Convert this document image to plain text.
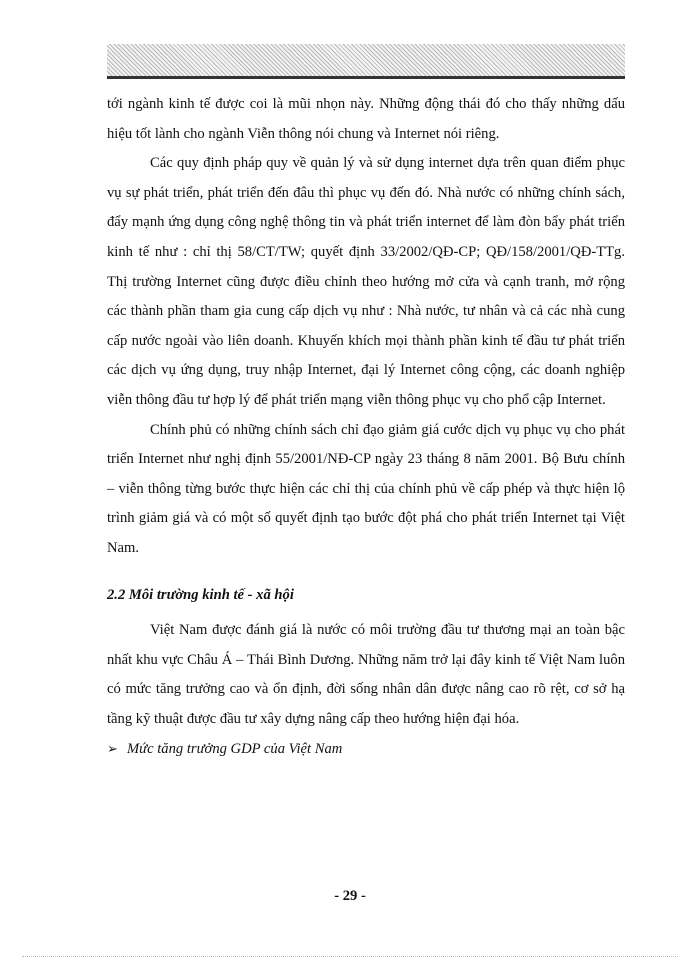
tới ngành kinh tế được coi là mũi nhọn này. Những động thái đó cho thấy những dấu hiệu tốt lành cho ngành Viễn thông nói chung và Internet nói riêng.

Các quy định pháp quy về quản lý và sử dụng internet dựa trên quan điểm phục vụ sự phát triển, phát triển đến đâu thì phục vụ đến đó. Nhà nước có những chính sách, đẩy mạnh ứng dụng công nghệ thông tin và phát triển internet để làm đòn bẩy phát triển kinh tế như : chỉ thị 58/CT/TW; quyết định 33/2002/QĐ-CP; QĐ/158/2001/QĐ-TTg. Thị trường Internet cũng được điều chỉnh theo hướng mở cửa và cạnh tranh, mở rộng các thành phần tham gia cung cấp dịch vụ như : Nhà nước, tư nhân và cả các nhà cung cấp nước ngoài vào liên doanh. Khuyến khích mọi thành phần kinh tế đầu tư phát triển các dịch vụ ứng dụng, truy nhập Internet, đại lý Internet công cộng, các doanh nghiệp viễn thông đầu tư hợp lý để phát triển mạng viễn thông phục vụ cho phổ cập Internet.

Chính phủ có những chính sách chỉ đạo giảm giá cước dịch vụ phục vụ cho phát triển Internet như nghị định 55/2001/NĐ-CP ngày 23 tháng 8 năm 2001. Bộ Bưu chính – viễn thông từng bước thực hiện các chỉ thị của chính phủ về cấp phép và thực hiện lộ trình giảm giá và có một số quyết định tạo bước đột phá cho phát triển Internet tại Việt Nam.

2.2 Môi trường kinh tế - xã hội

Việt Nam được đánh giá là nước có môi trường đầu tư thương mại an toàn bậc nhất khu vực Châu Á – Thái Bình Dương. Những năm trở lại đây kinh tế Việt Nam luôn có mức tăng trưởng cao và ổn định, đời sống nhân dân được nâng cao rõ rệt, cơ sở hạ tầng kỹ thuật được đầu tư xây dựng nâng cấp theo hướng hiện đại hóa.

➢ Mức tăng trưởng GDP của Việt Nam

- 29 -
